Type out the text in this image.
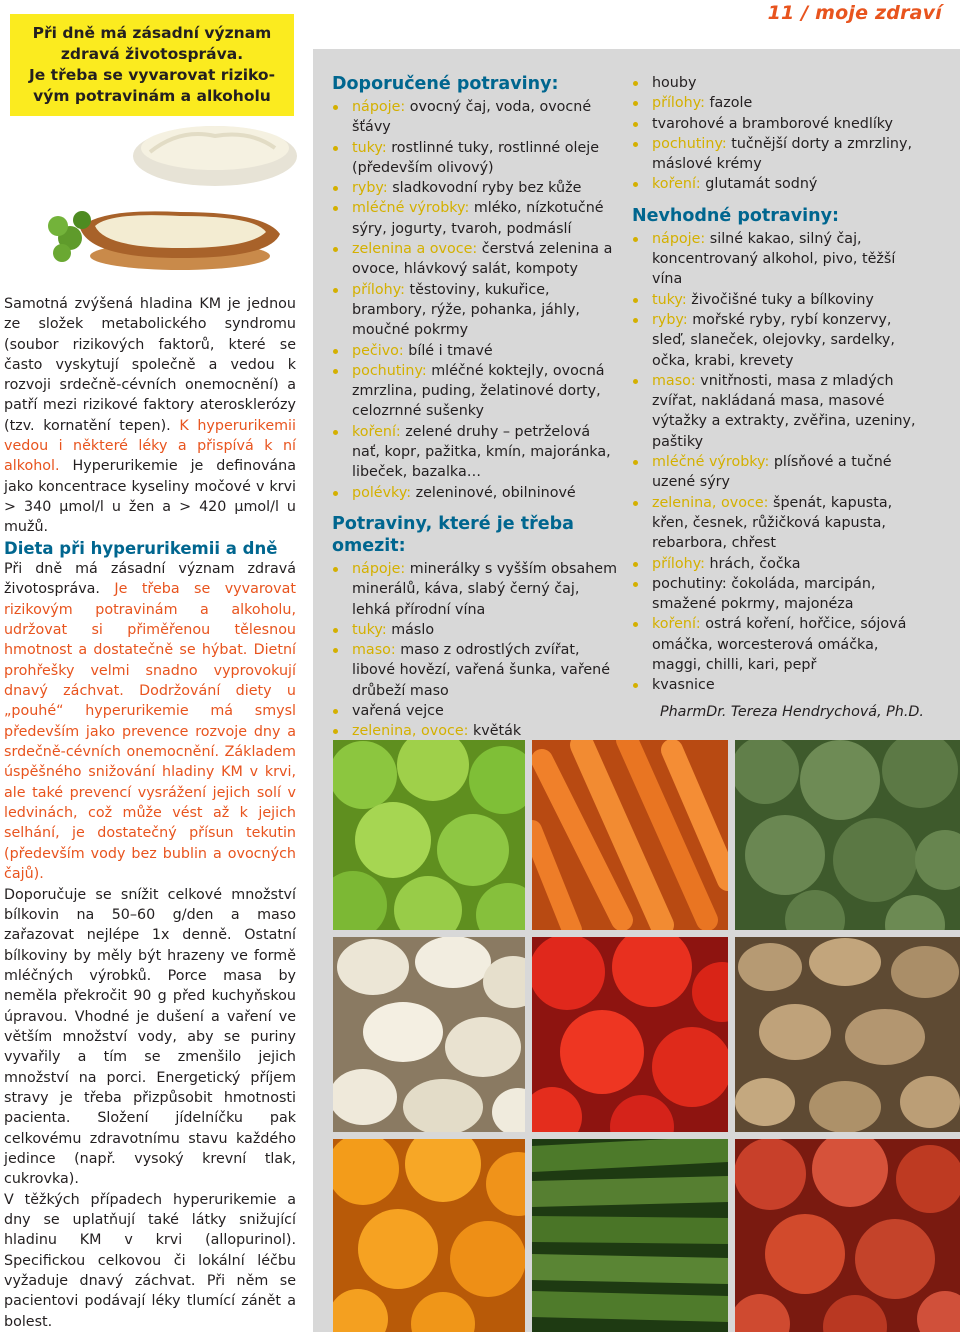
11 / moje zdraví
Při dně má zásadní význam
zdravá životospráva.
Je třeba se vyvarovat riziko-
vým potravinám a alkoholu
Samotná zvýšená hladina KM je jednou ze složek metabolického syndromu (soubor rizikových faktorů, které se často vyskytují společně a vedou k rozvoji srdečně-cévních onemocnění) a patří mezi rizikové faktory aterosklerózy (tzv. kornatění tepen). K hyperurikemii vedou i některé léky a přispívá k ní alkohol. Hyperurikemie je definována jako koncentrace kyseliny močové v krvi > 340 µmol/l u žen a > 420 µmol/l u mužů.
Dieta při hyperurikemii a dně

Při dně má zásadní význam zdravá životospráva. Je třeba se vyvarovat rizikovým potravinám a alkoholu, udržovat si přiměřenou tělesnou hmotnost a dostatečně se hýbat. Dietní prohřešky velmi snadno vyprovokují dnavý záchvat. Dodržování diety u „pouhé“ hyperurikemie má smysl především jako prevence rozvoje dny a srdečně-cévních onemocnění. Základem úspěšného snižování hladiny KM v krvi, ale také prevencí vysrážení jejich solí v ledvinách, což může vést až k jejich selhání, je dostatečný přísun tekutin (především vody bez bublin a ovocných čajů).

Doporučuje se snížit celkové množství bílkovin na 50–60 g/den a maso zařazovat nejlépe 1x denně. Ostatní bílkoviny by měly být hrazeny ve formě mléčných výrobků. Porce masa by neměla překročit 90 g před kuchyňskou úpravou. Vhodné je dušení a vaření ve větším množství vody, aby se puriny vyvařily a tím se zmenšilo jejich množství na porci. Energetický příjem stravy je třeba přizpůsobit hmotnosti pacienta. Složení jídelníčku pak celkovému zdravotnímu stavu každého jedince (např. vysoký krevní tlak, cukrovka).

V těžkých případech hyperurikemie a dny se uplatňují také látky snižující hladinu KM v krvi (allopurinol). Specifickou celkovou či lokální léčbu vyžaduje dnavý záchvat. Při něm se pacientovi podávají léky tlumící zánět a bolest.

Doporučené potraviny:
nápoje: ovocný čaj, voda, ovocné šťávy
tuky: rostlinné tuky, rostlinné oleje (především olivový)
ryby: sladkovodní ryby bez kůže
mléčné výrobky: mléko, nízkotučné sýry, jogurty, tvaroh, podmáslí
zelenina a ovoce: čerstvá zelenina a ovoce, hlávkový salát, kompoty
přílohy: těstoviny, kukuřice, brambory, rýže, pohanka, jáhly, moučné pokrmy
pečivo: bílé i tmavé
pochutiny: mléčné koktejly, ovocná zmrzlina, puding, želatinové dorty, celozrnné sušenky
koření: zelené druhy – petrželová nať, kopr, pažitka, kmín, majoránka, libeček, bazalka…
polévky: zeleninové, obilninové
Potraviny, které je třeba omezit:
nápoje: minerálky s vyšším obsahem minerálů, káva, slabý černý čaj, lehká přírodní vína
tuky: máslo
maso: maso z odrostlých zvířat, libové hovězí, vařená šunka, vařené drůbeží maso
vařená vejce
zelenina, ovoce: květák
houby
přílohy: fazole
tvarohové a bramborové knedlíky
pochutiny: tučnější dorty a zmrzliny, máslové krémy
koření: glutamát sodný
Nevhodné potraviny:
nápoje: silné kakao, silný čaj, koncentrovaný alkohol, pivo, těžší vína
tuky: živočišné tuky a bílkoviny
ryby: mořské ryby, rybí konzervy, sleď, slaneček, olejovky, sardelky, očka, krabi, krevety
maso: vnitřnosti, masa z mladých zvířat, nakládaná masa, masové výtažky a extrakty, zvěřina, uzeniny, paštiky
mléčné výrobky: plísňové a tučné uzené sýry
zelenina, ovoce: špenát, kapusta, křen, česnek, růžičková kapusta, rebarbora, chřest
přílohy: hrách, čočka
pochutiny: čokoláda, marcipán, smažené pokrmy, majonéza
koření: ostrá koření, hořčice, sójová omáčka, worcesterová omáčka, maggi, chilli, kari, pepř
kvasnice
PharmDr. Tereza Hendrychová, Ph.D.
